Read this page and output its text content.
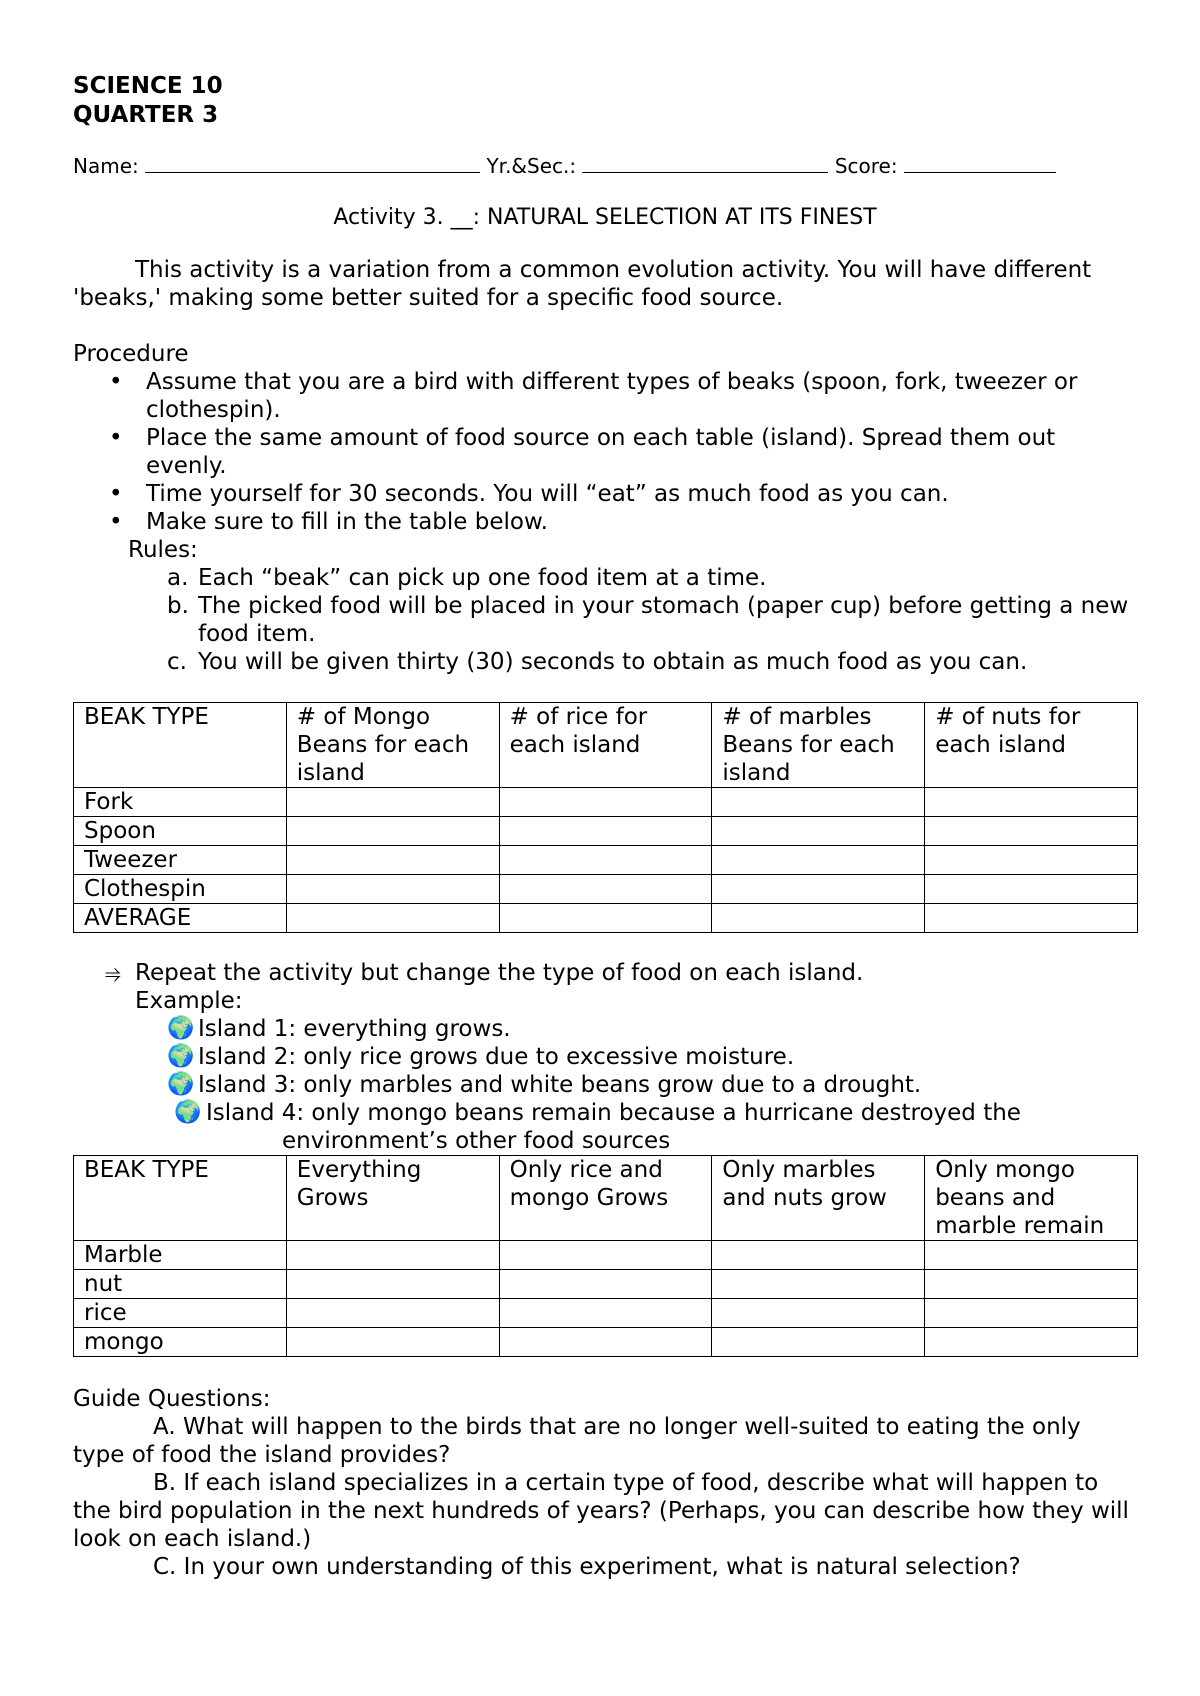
SCIENCE 10
QUARTER 3
Name:	Yr.&Sec.:	Score:
Activity 3. __: NATURAL SELECTION AT ITS FINEST
This activity is a variation from a common evolution activity. You will have different 'beaks,' making some better suited for a specific food source.
Procedure
• Assume that you are a bird with different types of beaks (spoon, fork, tweezer or clothespin).
• Place the same amount of food source on each table (island). Spread them out evenly.
• Time yourself for 30 seconds. You will “eat” as much food as you can.
• Make sure to fill in the table below.
Rules:
a. Each “beak” can pick up one food item at a time.
b. The picked food will be placed in your stomach (paper cup) before getting a new food item.
c. You will be given thirty (30) seconds to obtain as much food as you can.
BEAK TYPE	# of Mongo Beans for each island	# of rice for each island	# of marbles Beans for each island	# of nuts for each island
Fork				
Spoon				
Tweezer				
Clothespin				
AVERAGE				
⥤ Repeat the activity but change the type of food on each island.
Example:
🌍 Island 1: everything grows.
🌍 Island 2: only rice grows due to excessive moisture.
🌍 Island 3: only marbles and white beans grow due to a drought.
🌍 Island 4: only mongo beans remain because a hurricane destroyed the
environment’s other food sources
BEAK TYPE	Everything Grows	Only rice and mongo Grows	Only marbles and nuts grow	Only mongo beans and marble remain
Marble				
nut				
rice				
mongo				
Guide Questions:
A. What will happen to the birds that are no longer well-suited to eating the only type of food the island provides?
B. If each island specializes in a certain type of food, describe what will happen to the bird population in the next hundreds of years? (Perhaps, you can describe how they will look on each island.)
C. In your own understanding of this experiment, what is natural selection?
